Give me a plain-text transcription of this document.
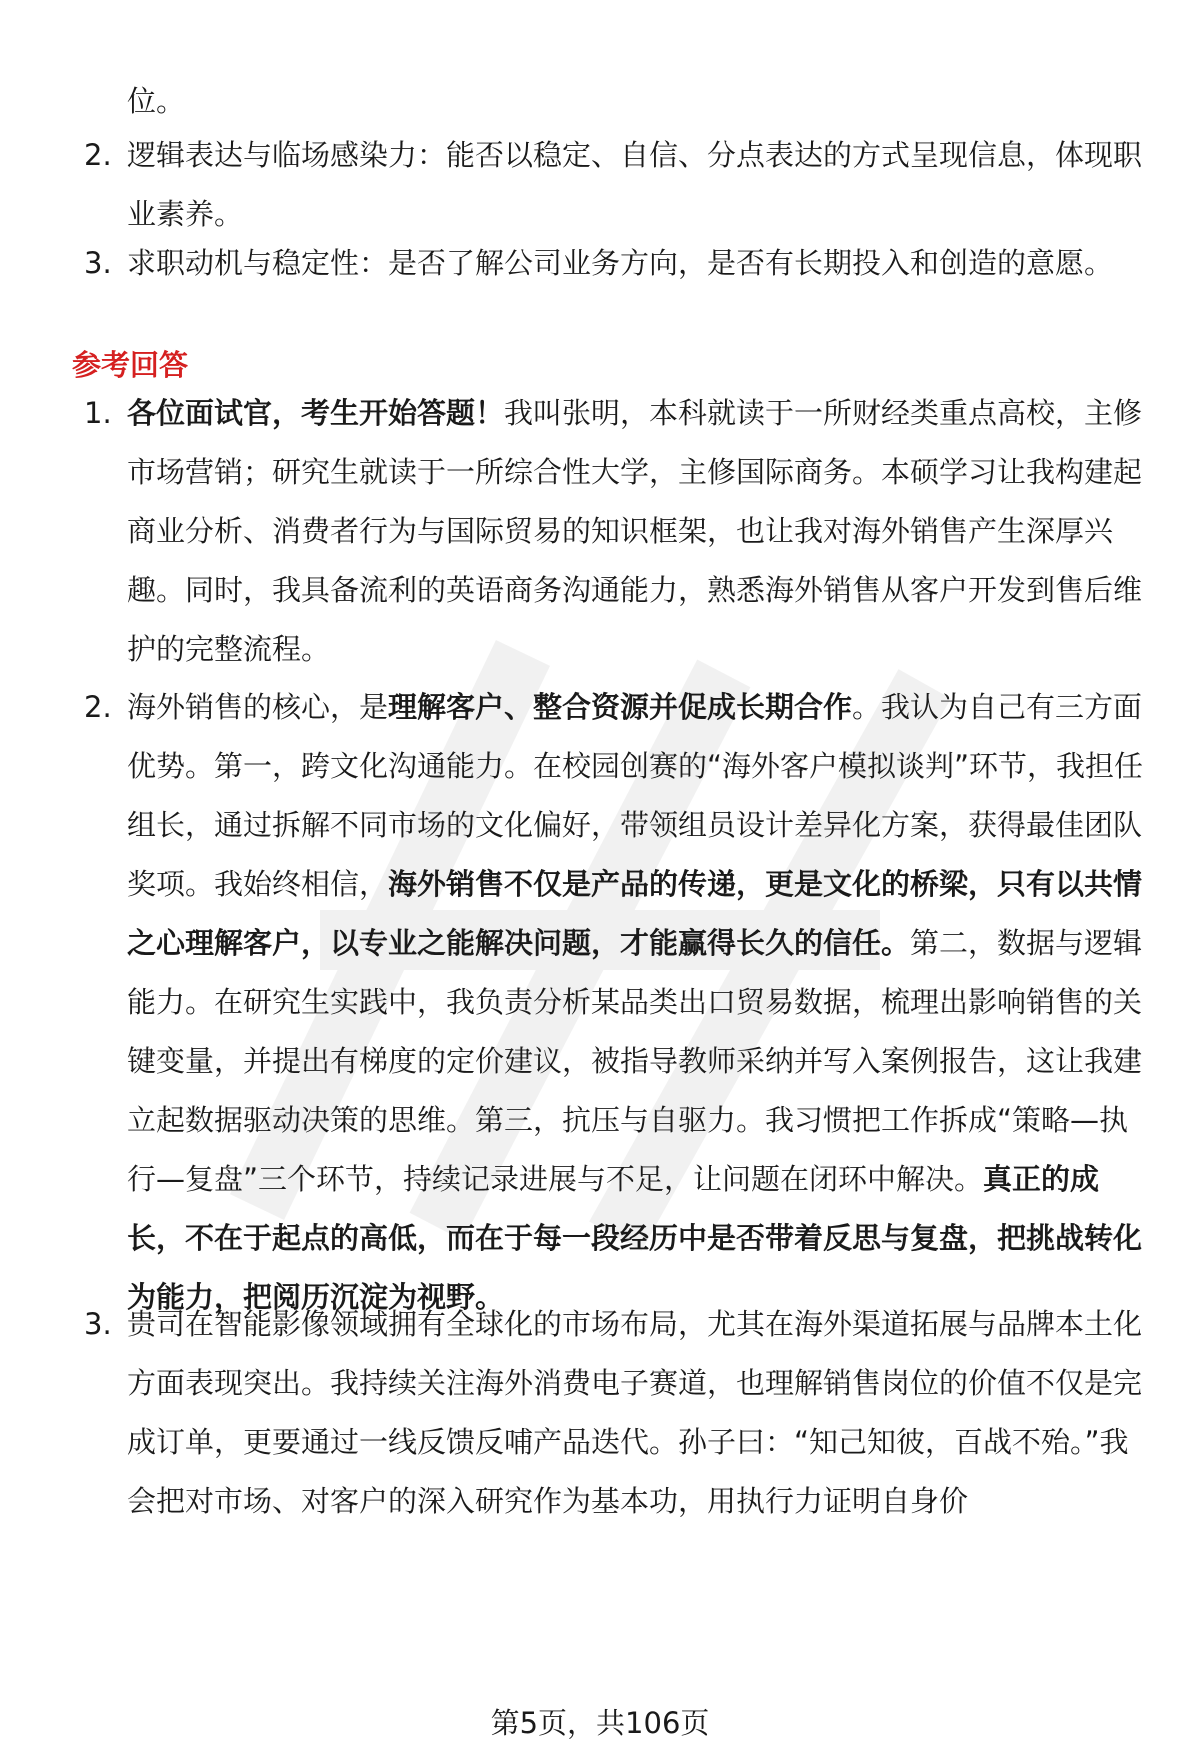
位。
2. 逻辑表达与临场感染力：能否以稳定、自信、分点表达的方式呈现信息，体现职业素养。
3. 求职动机与稳定性：是否了解公司业务方向，是否有长期投入和创造的意愿。
参考回答
1. 各位面试官，考生开始答题！我叫张明，本科就读于一所财经类重点高校，主修市场营销；研究生就读于一所综合性大学，主修国际商务。本硕学习让我构建起商业分析、消费者行为与国际贸易的知识框架，也让我对海外销售产生深厚兴趣。同时，我具备流利的英语商务沟通能力，熟悉海外销售从客户开发到售后维护的完整流程。
2. 海外销售的核心，是理解客户、整合资源并促成长期合作。我认为自己有三方面优势。第一，跨文化沟通能力。在校园创赛的“海外客户模拟谈判”环节，我担任组长，通过拆解不同市场的文化偏好，带领组员设计差异化方案，获得最佳团队奖项。我始终相信，海外销售不仅是产品的传递，更是文化的桥梁，只有以共情之心理解客户，以专业之能解决问题，才能赢得长久的信任。第二，数据与逻辑能力。在研究生实践中，我负责分析某品类出口贸易数据，梳理出影响销售的关键变量，并提出有梯度的定价建议，被指导教师采纳并写入案例报告，这让我建立起数据驱动决策的思维。第三，抗压与自驱力。我习惯把工作拆成“策略—执行—复盘”三个环节，持续记录进展与不足，让问题在闭环中解决。真正的成长，不在于起点的高低，而在于每一段经历中是否带着反思与复盘，把挑战转化为能力，把阅历沉淀为视野。
3. 贵司在智能影像领域拥有全球化的市场布局，尤其在海外渠道拓展与品牌本土化方面表现突出。我持续关注海外消费电子赛道，也理解销售岗位的价值不仅是完成订单，更要通过一线反馈反哺产品迭代。孙子曰：“知己知彼，百战不殆。”我会把对市场、对客户的深入研究作为基本功，用执行力证明自身价
第5页，共106页
